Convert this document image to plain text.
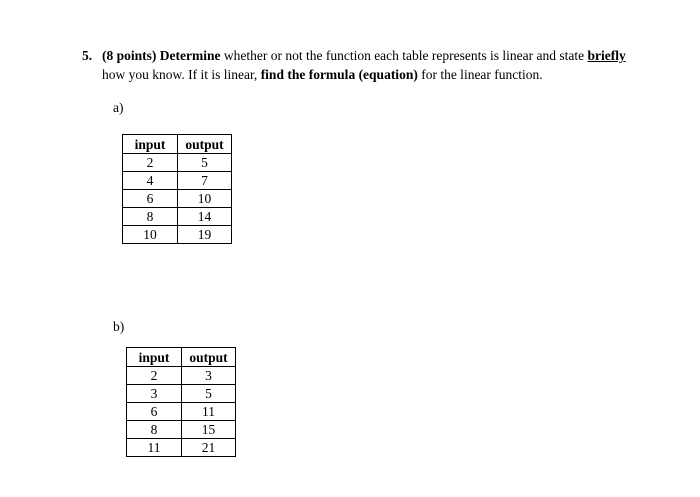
5. (8 points) Determine whether or not the function each table represents is linear and state briefly how you know. If it is linear, find the formula (equation) for the linear function.
a)
input	output
2	5
4	7
6	10
8	14
10	19
b)
input	output
2	3
3	5
6	11
8	15
11	21
